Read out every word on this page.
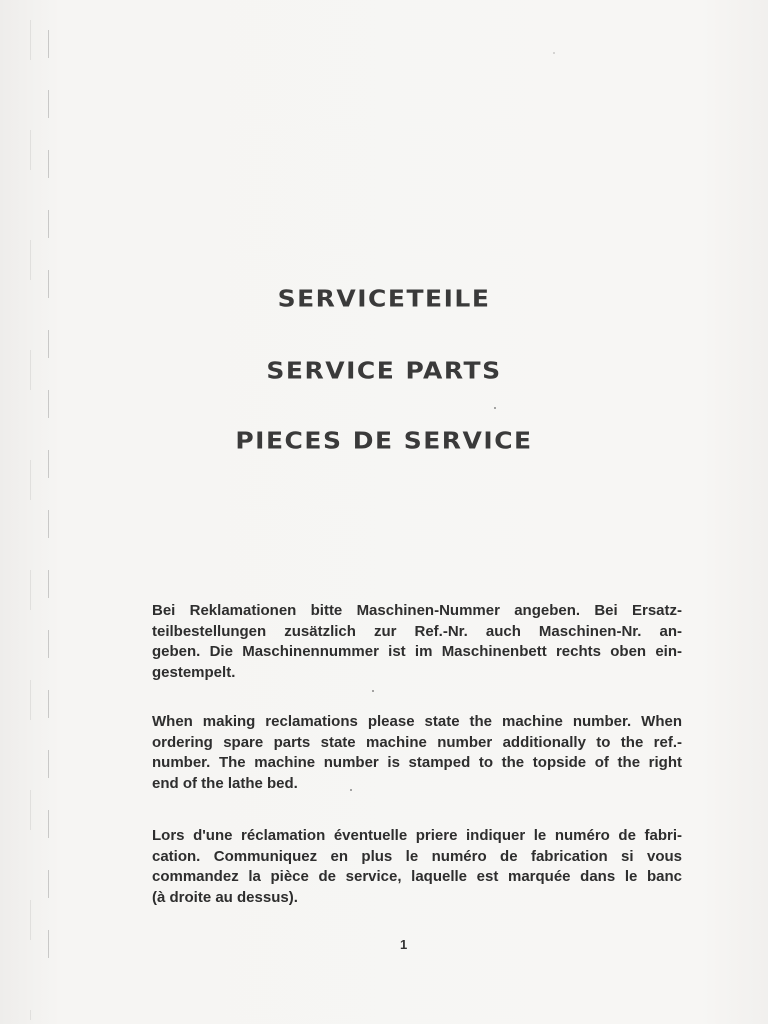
SERVICETEILE
SERVICE PARTS
PIECES DE SERVICE
Bei Reklamationen bitte Maschinen-Nummer angeben. Bei Ersatz-
teilbestellungen zusätzlich zur Ref.-Nr. auch Maschinen-Nr. an-
geben. Die Maschinennummer ist im Maschinenbett rechts oben ein-
gestempelt.
When making reclamations please state the machine number. When
ordering spare parts state machine number additionally to the ref.-
number. The machine number is stamped to the topside of the right
end of the lathe bed.
Lors d'une réclamation éventuelle priere indiquer le numéro de fabri-
cation. Communiquez en plus le numéro de fabrication si vous
commandez la pièce de service, laquelle est marquée dans le banc
(à droite au dessus).
1
